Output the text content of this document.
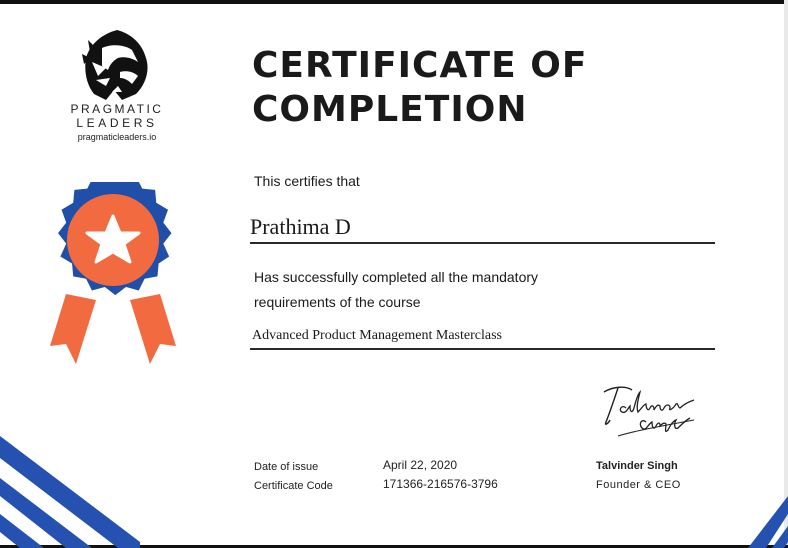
PRAGMATIC
LEADERS
pragmaticleaders.io
CERTIFICATE OF
COMPLETION
This certifies that
Prathima D
Has successfully completed all the mandatory
requirements of the course
Advanced Product Management Masterclass
Date of issue
Certificate Code
April 22, 2020
171366-216576-3796
Talvinder Singh
Founder & CEO
